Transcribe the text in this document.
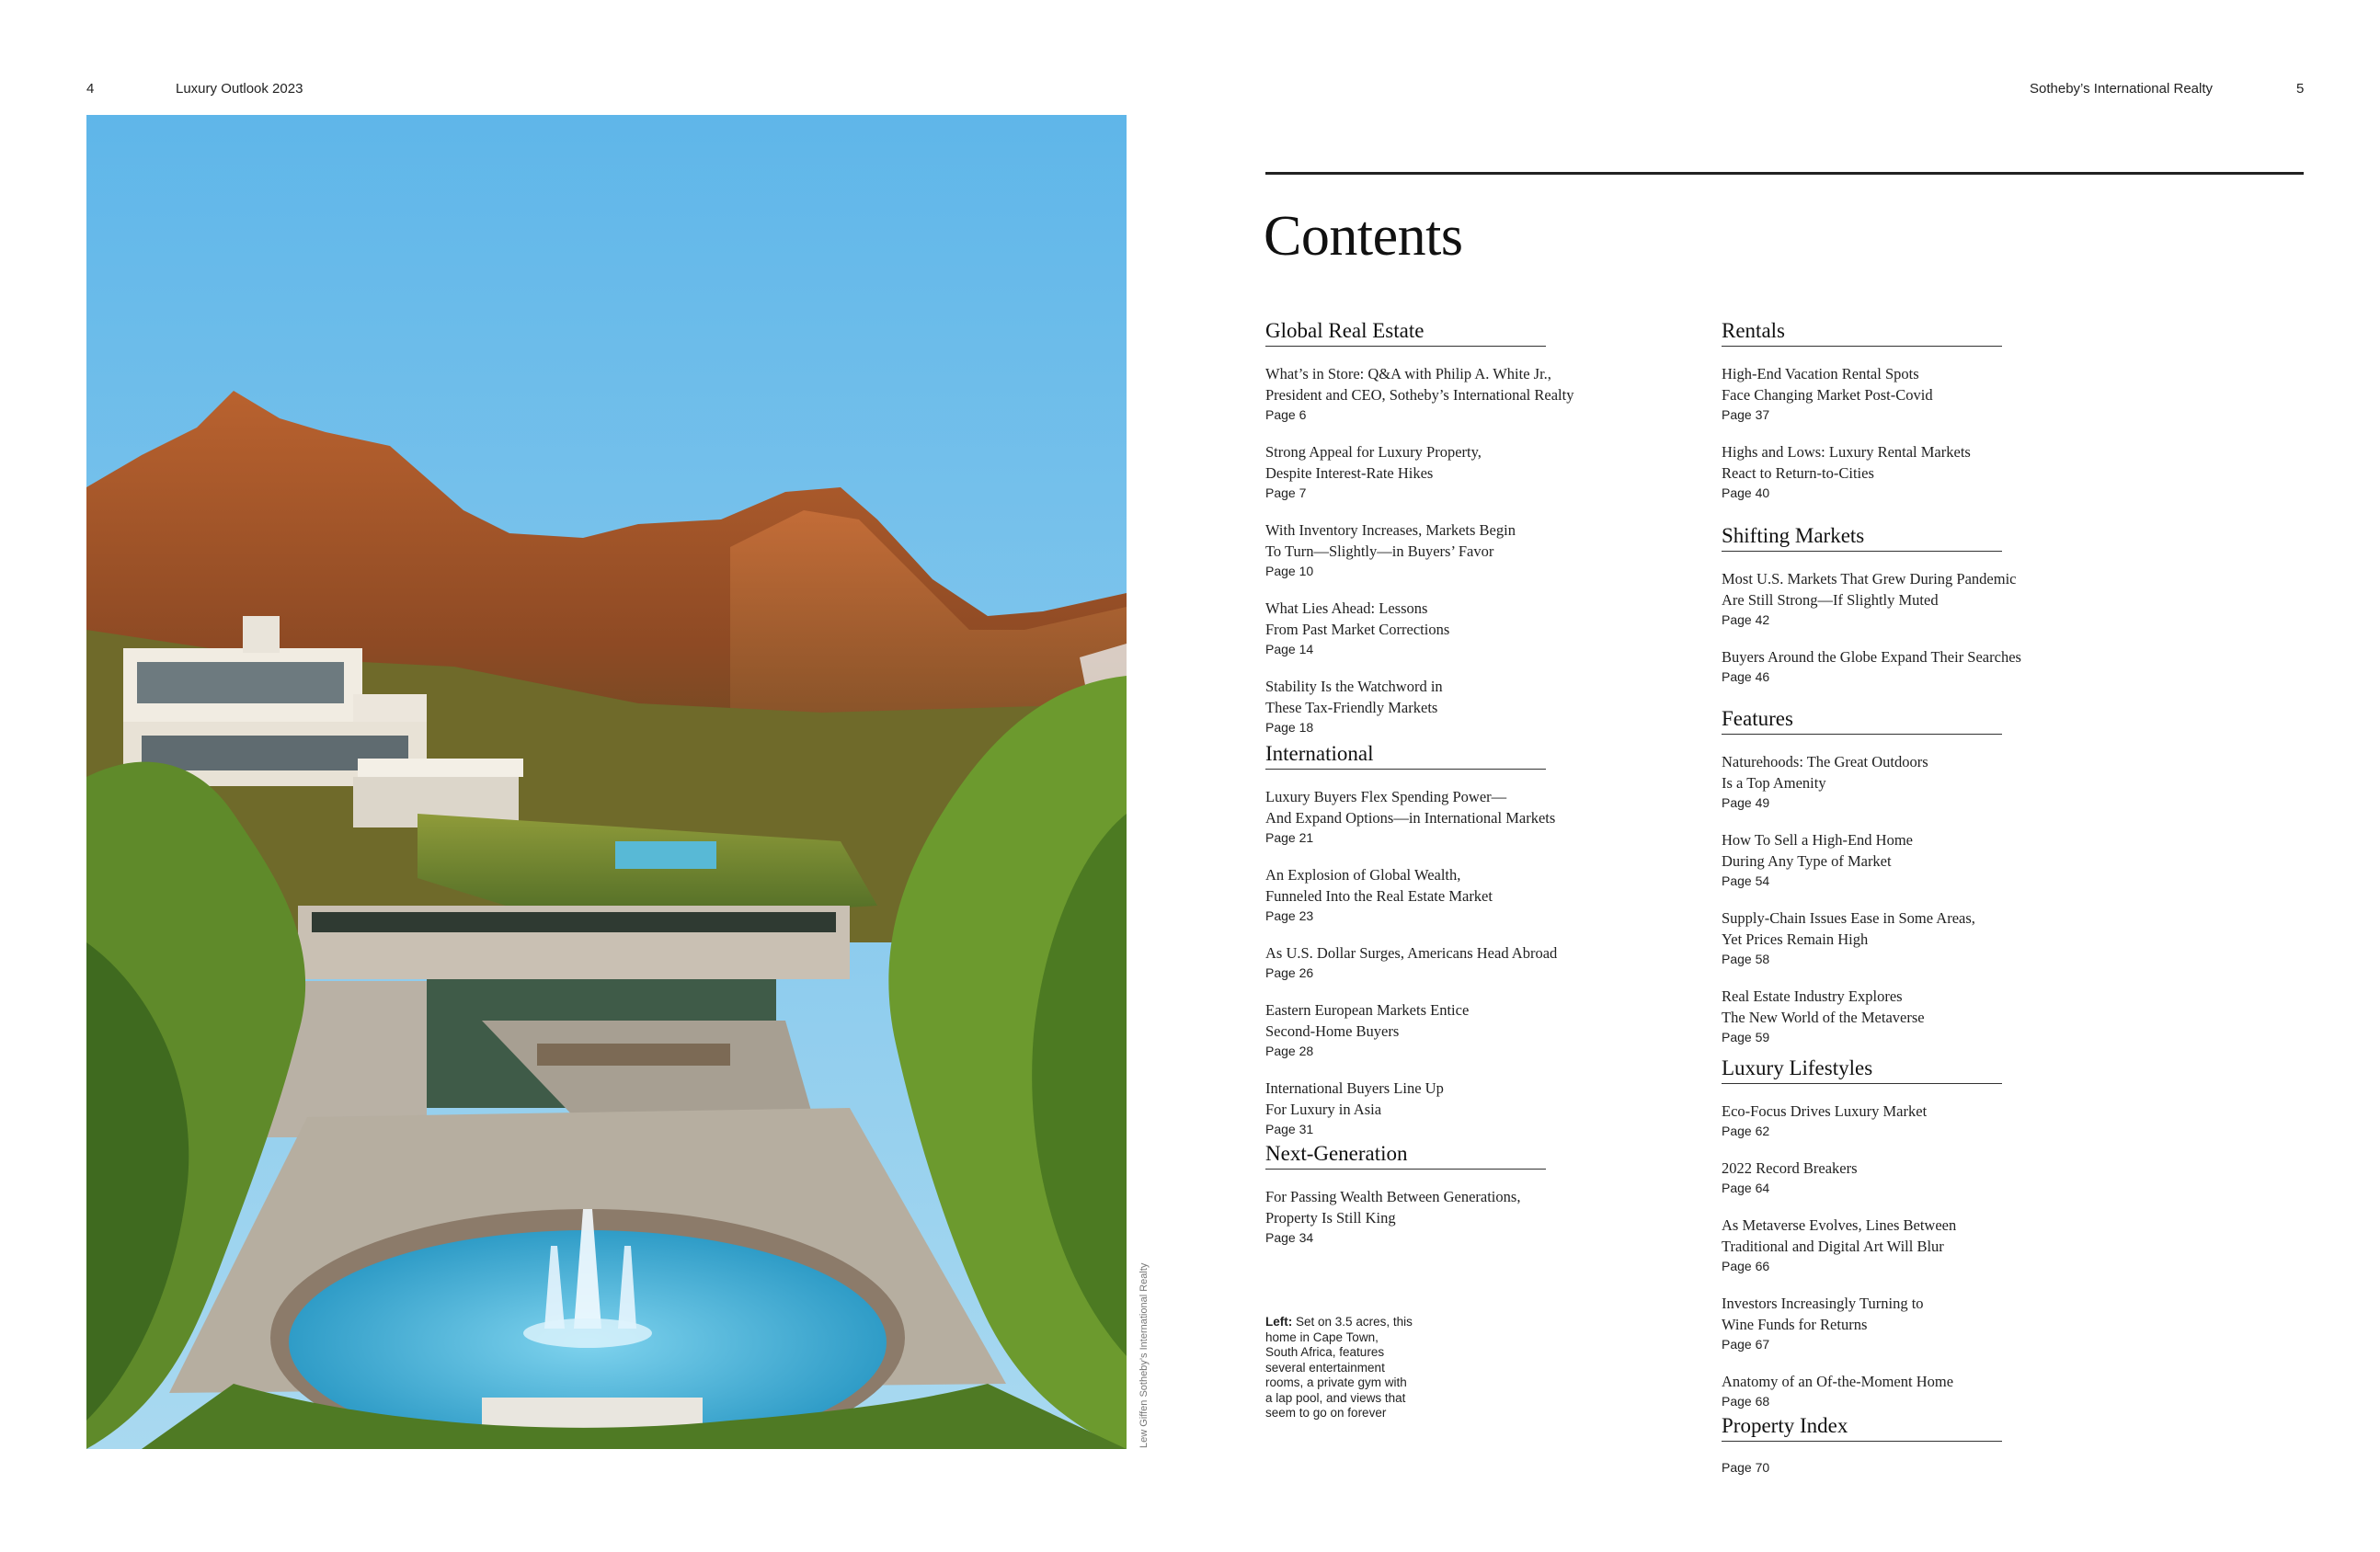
4	Luxury Outlook 2023	Sotheby’s International Realty	5
Lew Giffen Sotheby’s International Realty
Contents
Global Real Estate
What’s in Store: Q&A with Philip A. White Jr.,
President and CEO, Sotheby’s International Realty
Page 6
Strong Appeal for Luxury Property,
Despite Interest-Rate Hikes
Page 7
With Inventory Increases, Markets Begin
To Turn—Slightly—in Buyers’ Favor
Page 10
What Lies Ahead: Lessons
From Past Market Corrections
Page 14
Stability Is the Watchword in
These Tax-Friendly Markets
Page 18
International
Luxury Buyers Flex Spending Power—
And Expand Options—in International Markets
Page 21
An Explosion of Global Wealth,
Funneled Into the Real Estate Market
Page 23
As U.S. Dollar Surges, Americans Head Abroad
Page 26
Eastern European Markets Entice
Second-Home Buyers
Page 28
International Buyers Line Up
For Luxury in Asia
Page 31
Next-Generation
For Passing Wealth Between Generations,
Property Is Still King
Page 34
Rentals
High-End Vacation Rental Spots
Face Changing Market Post-Covid
Page 37
Highs and Lows: Luxury Rental Markets
React to Return-to-Cities
Page 40
Shifting Markets
Most U.S. Markets That Grew During Pandemic
Are Still Strong—If Slightly Muted
Page 42
Buyers Around the Globe Expand Their Searches
Page 46
Features
Naturehoods: The Great Outdoors
Is a Top Amenity
Page 49
How To Sell a High-End Home
During Any Type of Market
Page 54
Supply-Chain Issues Ease in Some Areas,
Yet Prices Remain High
Page 58
Real Estate Industry Explores
The New World of the Metaverse
Page 59
Luxury Lifestyles
Eco-Focus Drives Luxury Market
Page 62
2022 Record Breakers
Page 64
As Metaverse Evolves, Lines Between
Traditional and Digital Art Will Blur
Page 66
Investors Increasingly Turning to
Wine Funds for Returns
Page 67
Anatomy of an Of-the-Moment Home
Page 68
Property Index
Page 70
Left: Set on 3.5 acres, this home in Cape Town, South Africa, features several entertainment rooms, a private gym with a lap pool, and views that seem to go on forever
